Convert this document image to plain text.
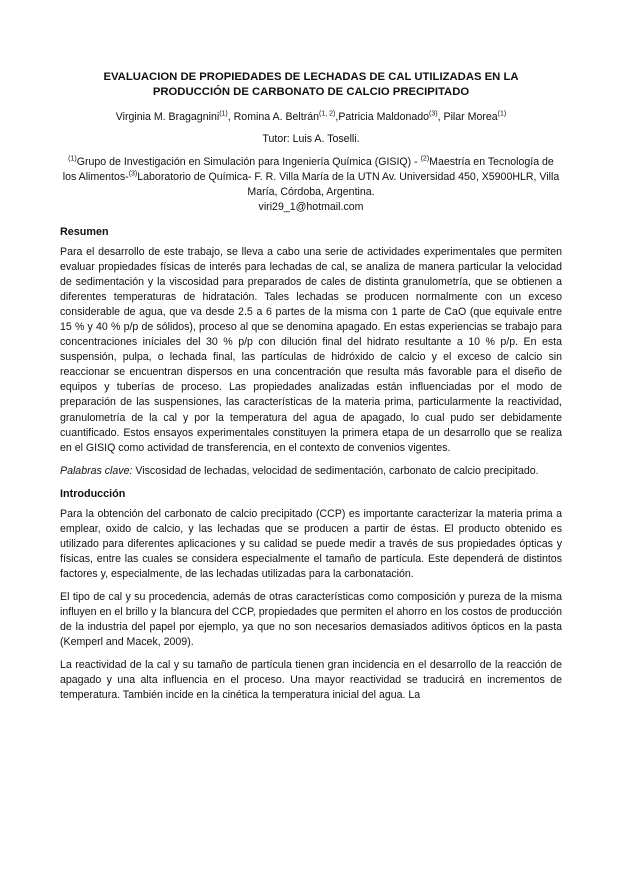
EVALUACION DE PROPIEDADES DE LECHADAS DE CAL UTILIZADAS EN LA
PRODUCCIÓN DE CARBONATO DE CALCIO PRECIPITADO

Virginia M. Bragagnini$^{(1)}$, Romina A. Beltrán$^{(1, 2)}$,Patricia Maldonado$^{(3)}$, Pilar Morea$^{(1)}$

Tutor: Luis A. Toselli.

$^{(1)}$Grupo de Investigación en Simulación para Ingeniería Química (GISIQ) - $^{(2)}$Maestría en Tecnología de los Alimentos-$^{(3)}$Laboratorio de Química- F. R. Villa María de la UTN Av. Universidad 450, X5900HLR, Villa María, Córdoba, Argentina.
viri29_1@hotmail.com

Resumen

Para el desarrollo de este trabajo, se lleva a cabo una serie de actividades experimentales que permiten evaluar propiedades físicas de interés para lechadas de cal, se analiza de manera particular la velocidad de sedimentación y la viscosidad para preparados de cales de distinta granulometría, que se obtienen a diferentes temperaturas de hidratación. Tales lechadas se producen normalmente con un exceso considerable de agua, que va desde 2.5 a 6 partes de la misma con 1 parte de CaO (que equivale entre 15 % y 40 % p/p de sólidos), proceso al que se denomina apagado. En estas experiencias se trabajo para concentraciones iníciales del 30 % p/p con dilución final del hidrato resultante a 10 % p/p. En esta suspensión, pulpa, o lechada final, las partículas de hidróxido de calcio y el exceso de calcio sin reaccionar se encuentran dispersos en una concentración que resulta más favorable para el diseño de equipos y tuberías de proceso. Las propiedades analizadas están influenciadas por el modo de preparación de las suspensiones, las características de la materia prima, particularmente la reactividad, granulometría de la cal y por la temperatura del agua de apagado, lo cual pudo ser debidamente cuantificado. Estos ensayos experimentales constituyen la primera etapa de un desarrollo que se realiza en el GISIQ como actividad de transferencia, en el contexto de convenios vigentes.

Palabras clave: Viscosidad de lechadas, velocidad de sedimentación, carbonato de calcio precipitado.

Introducción

Para la obtención del carbonato de calcio precipitado (CCP) es importante caracterizar la materia prima a emplear, oxido de calcio, y las lechadas que se producen a partir de éstas. El producto obtenido es utilizado para diferentes aplicaciones y su calidad se puede medir a través de sus propiedades ópticas y físicas, entre las cuales se considera especialmente el tamaño de partícula. Este dependerá de distintos factores y, especialmente, de las lechadas utilizadas para la carbonatación.

El tipo de cal y su procedencia, además de otras características como composición y pureza de la misma influyen en el brillo y la blancura del CCP, propiedades que permiten el ahorro en los costos de producción de la industria del papel por ejemplo, ya que no son necesarios demasiados aditivos ópticos en la pasta (Kemperl and Macek, 2009).

La reactividad de la cal y su tamaño de partícula tienen gran incidencia en el desarrollo de la reacción de apagado y una alta influencia en el proceso. Una mayor reactividad se traducirá en incrementos de temperatura. También incide en la cinética la temperatura inicial del agua. La
